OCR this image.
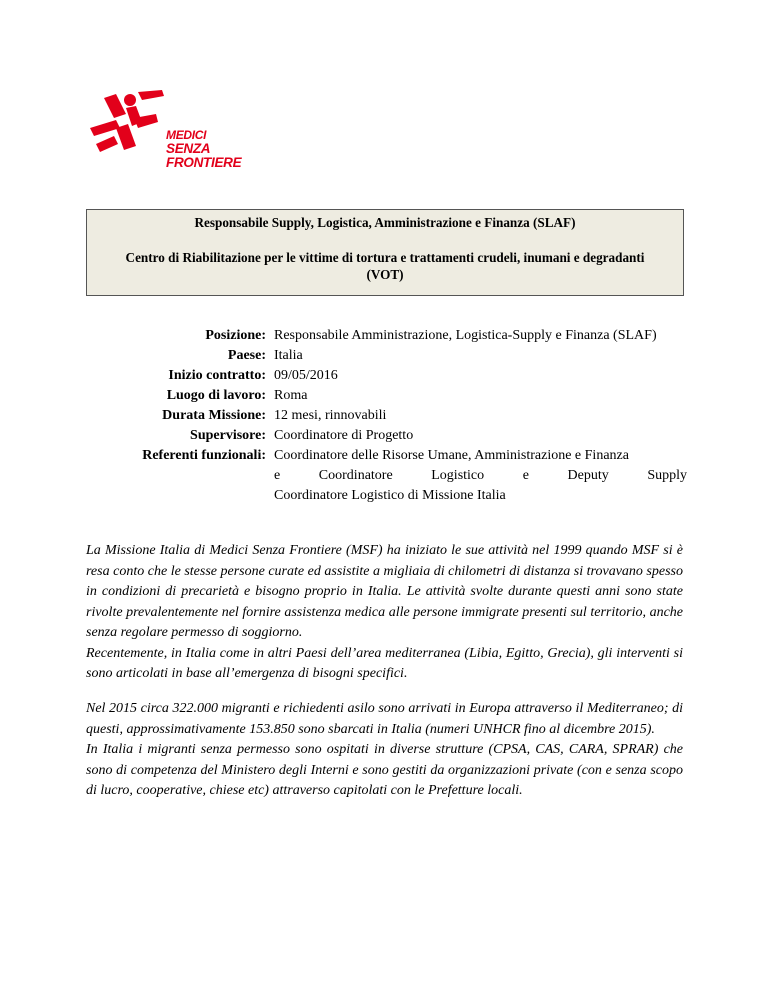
MEDICI
SENZA FRONTIERE
Responsabile Supply, Logistica, Amministrazione e Finanza (SLAF)
Centro di Riabilitazione per le vittime di tortura e trattamenti crudeli, inumani e degradanti (VOT)
Posizione: Responsabile Amministrazione, Logistica-Supply e Finanza (SLAF)
Paese: Italia
Inizio contratto: 09/05/2016
Luogo di lavoro: Roma
Durata Missione: 12 mesi, rinnovabili
Supervisore: Coordinatore di Progetto
Referenti funzionali: Coordinatore delle Risorse Umane, Amministrazione e Finanza
e Coordinatore Logistico e Deputy Supply
Coordinatore Logistico di Missione Italia

La Missione Italia di Medici Senza Frontiere (MSF) ha iniziato le sue attività nel 1999 quando MSF si è resa conto che le stesse persone curate ed assistite a migliaia di chilometri di distanza si trovavano spesso in condizioni di precarietà e bisogno proprio in Italia. Le attività svolte durante questi anni sono state rivolte prevalentemente nel fornire assistenza medica alle persone immigrate presenti sul territorio, anche senza regolare permesso di soggiorno.

Recentemente, in Italia come in altri Paesi dell’area mediterranea (Libia, Egitto, Grecia), gli interventi si sono articolati in base all’emergenza di bisogni specifici.

Nel 2015 circa 322.000 migranti e richiedenti asilo sono arrivati in Europa attraverso il Mediterraneo; di questi, approssimativamente 153.850 sono sbarcati in Italia (numeri UNHCR fino al dicembre 2015).

In Italia i migranti senza permesso sono ospitati in diverse strutture (CPSA, CAS, CARA, SPRAR) che sono di competenza del Ministero degli Interni e sono gestiti da organizzazioni private (con e senza scopo di lucro, cooperative, chiese etc) attraverso capitolati con le Prefetture locali.
